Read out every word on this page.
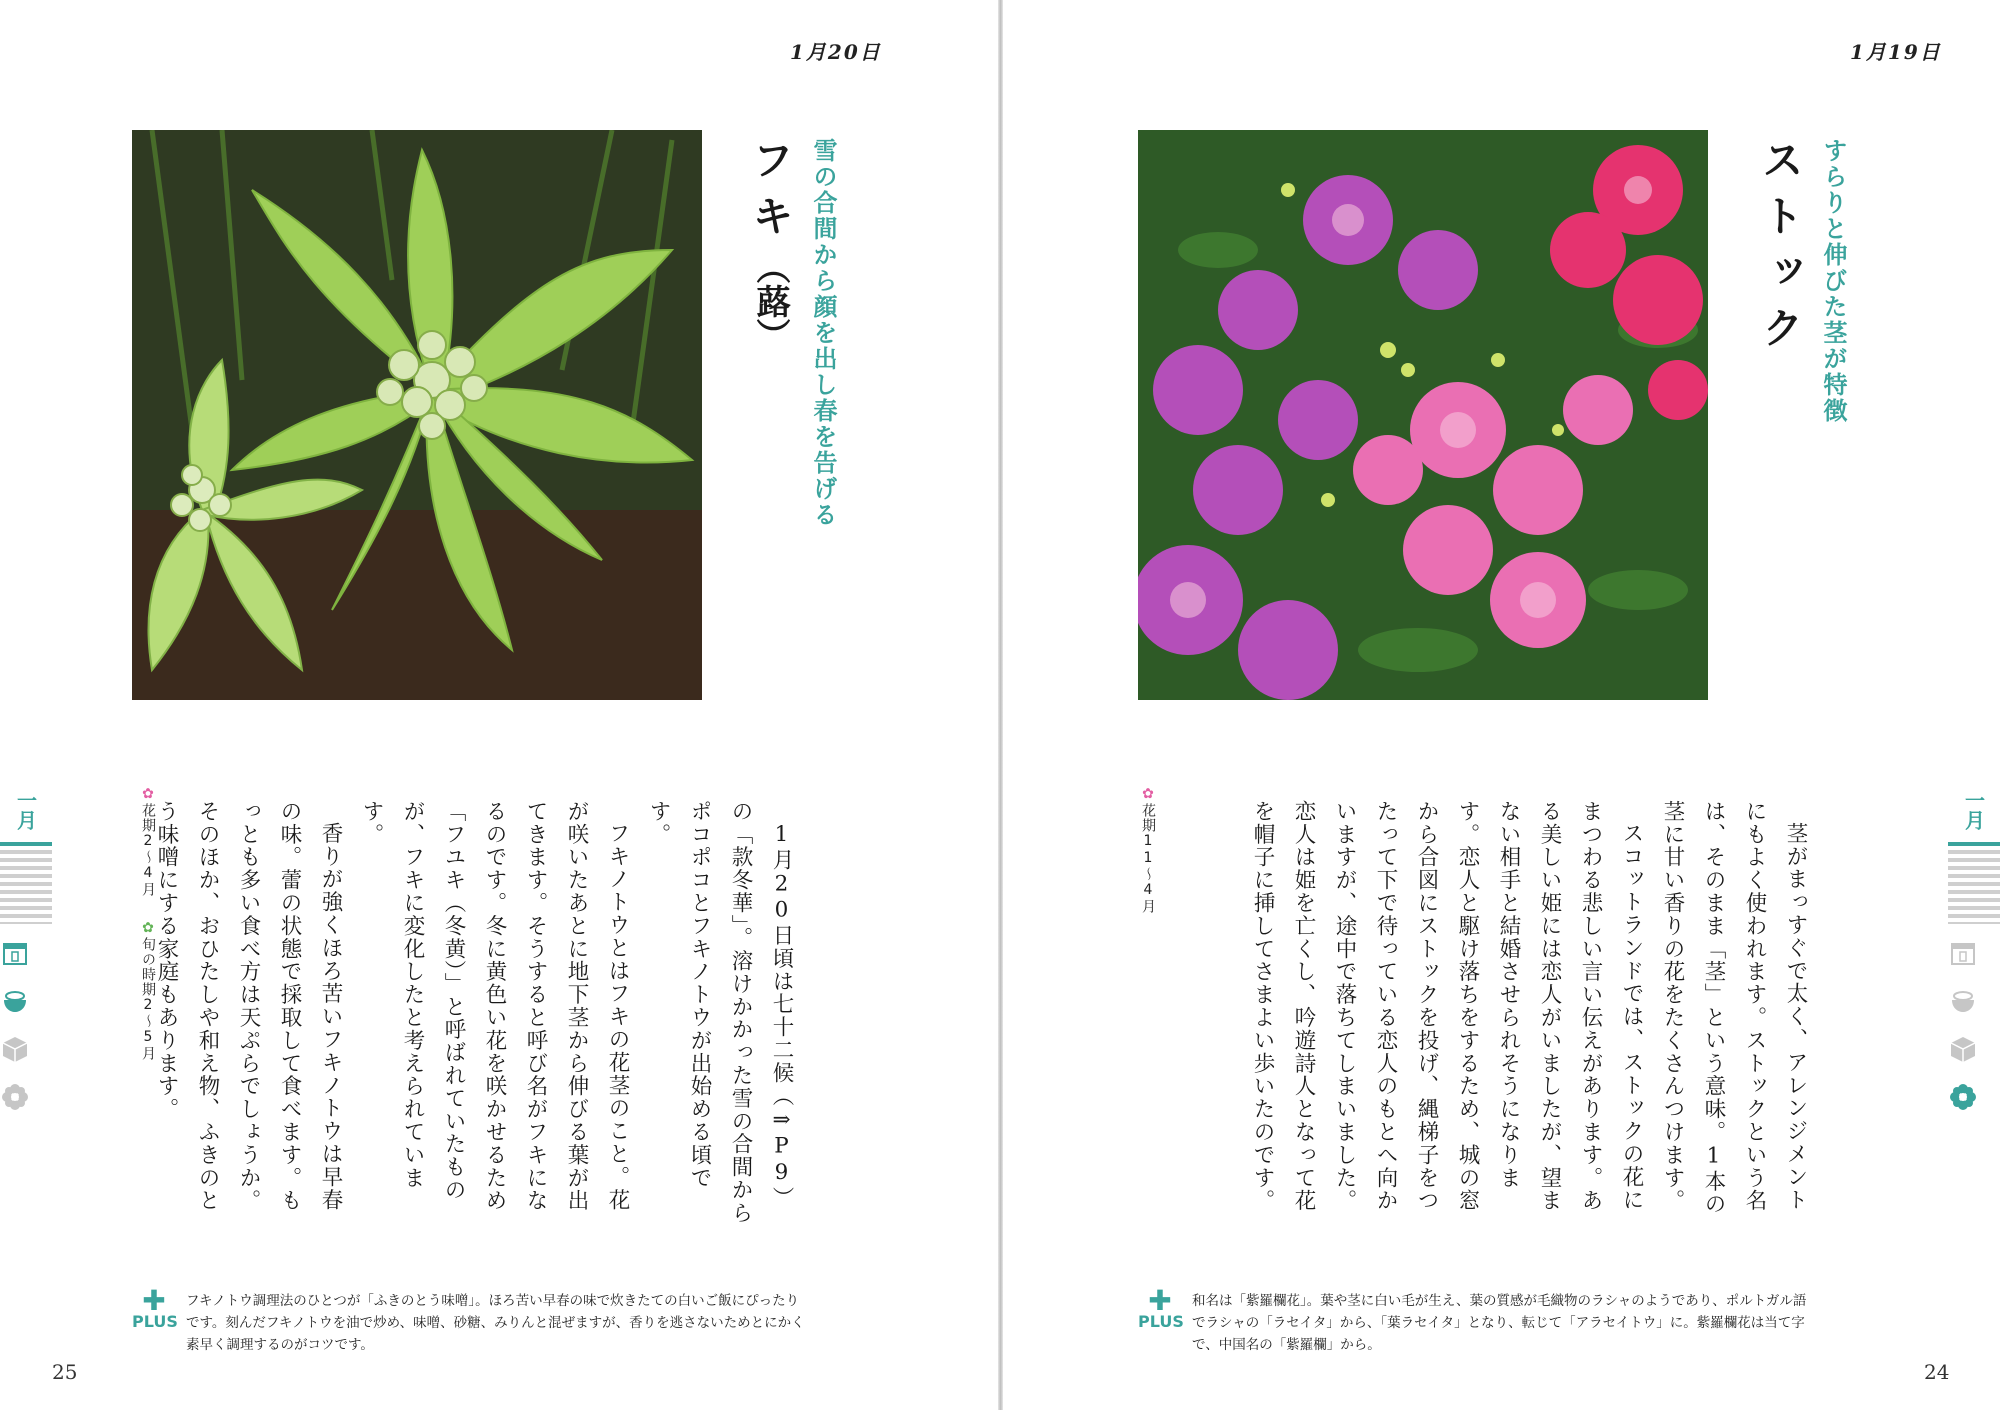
1月20日
雪の合間から顔を出し春を告げる
フキ（蕗）

1月20日頃は七十二候（⇒P9）の「款冬華」。溶けかかった雪の合間からポコポコとフキノトウが出始める頃です。

フキノトウとはフキの花茎のこと。花が咲いたあとに地下茎から伸びる葉が出てきます。そうすると呼び名がフキになるのです。冬に黄色い花を咲かせるため「フユキ（冬黄）」と呼ばれていたものが、フキに変化したと考えられています。

香りが強くほろ苦いフキノトウは早春の味。蕾の状態で採取して食べます。もっとも多い食べ方は天ぷらでしょうか。そのほか、おひたしや和え物、ふきのとう味噌にする家庭もあります。

✿花期2〜4月
✿旬の時期2〜5月
✚
PLUS
フキノトウ調理法のひとつが「ふきのとう味噌」。ほろ苦い早春の味で炊きたての白いご飯にぴったりです。刻んだフキノトウを油で炒め、味噌、砂糖、みりんと混ぜますが、香りを逃さないためとにかく素早く調理するのがコツです。
25
一月

1月19日
すらりと伸びた茎が特徴
ストック

茎がまっすぐで太く、アレンジメントにもよく使われます。ストックという名は、そのまま「茎」という意味。1本の茎に甘い香りの花をたくさんつけます。

スコットランドでは、ストックの花にまつわる悲しい言い伝えがあります。ある美しい姫には恋人がいましたが、望まない相手と結婚させられそうになります。恋人と駆け落ちをするため、城の窓から合図にストックを投げ、縄梯子をつたって下で待っている恋人のもとへ向かいますが、途中で落ちてしまいました。恋人は姫を亡くし、吟遊詩人となって花を帽子に挿してさまよい歩いたのです。

✿花期11〜4月
✚
PLUS
和名は「紫羅欄花」。葉や茎に白い毛が生え、葉の質感が毛織物のラシャのようであり、ポルトガル語でラシャの「ラセイタ」から、「葉ラセイタ」となり、転じて「アラセイトウ」に。紫羅欄花は当て字で、中国名の「紫羅欄」から。
24
一月
